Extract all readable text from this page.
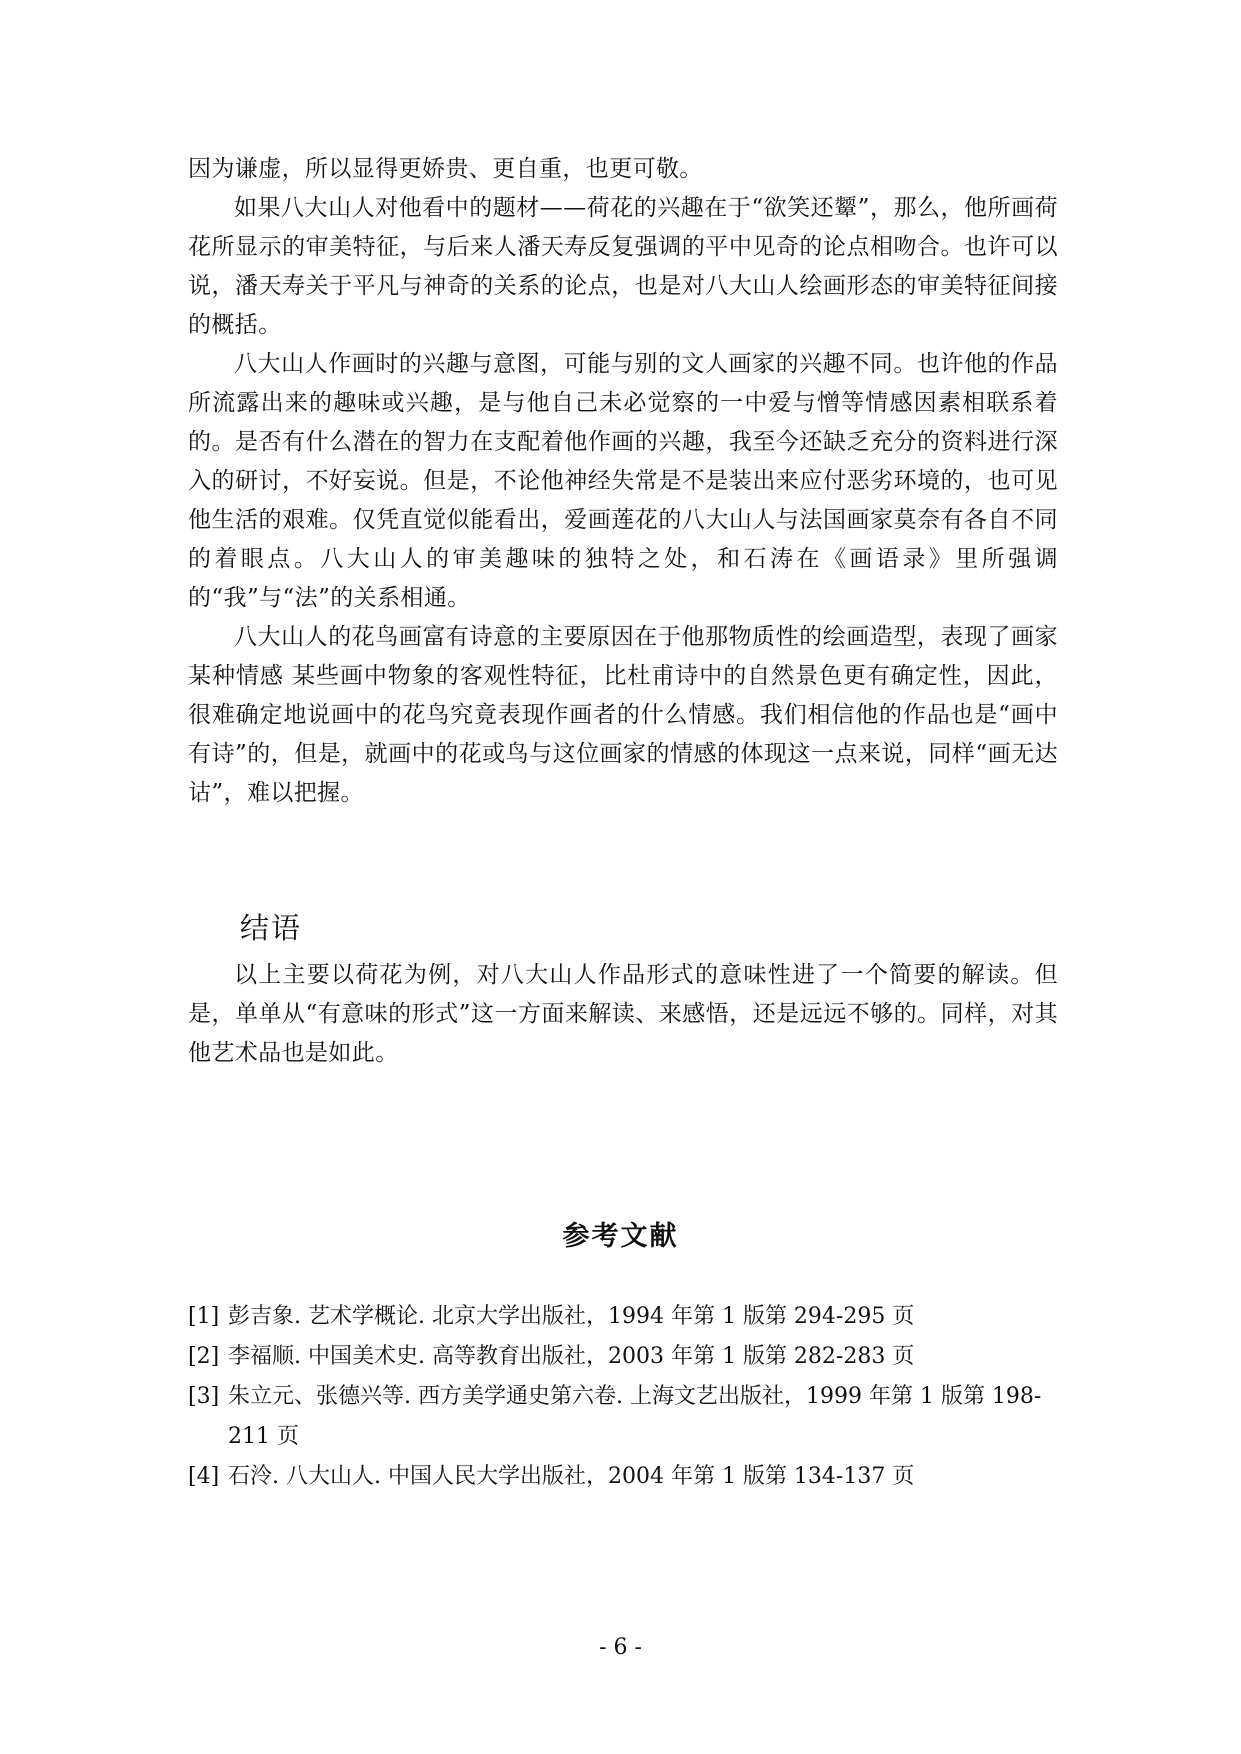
因为谦虚，所以显得更娇贵、更自重，也更可敬。

如果八大山人对他看中的题材——荷花的兴趣在于“欲笑还颦”，那么，他所画荷花所显示的审美特征，与后来人潘天寿反复强调的平中见奇的论点相吻合。也许可以说，潘天寿关于平凡与神奇的关系的论点，也是对八大山人绘画形态的审美特征间接的概括。

八大山人作画时的兴趣与意图，可能与别的文人画家的兴趣不同。也许他的作品所流露出来的趣味或兴趣，是与他自己未必觉察的一中爱与憎等情感因素相联系着的。是否有什么潜在的智力在支配着他作画的兴趣，我至今还缺乏充分的资料进行深入的研讨，不好妄说。但是，不论他神经失常是不是装出来应付恶劣环境的，也可见他生活的艰难。仅凭直觉似能看出，爱画莲花的八大山人与法国画家莫奈有各自不同的着眼点。八大山人的审美趣味的独特之处，和石涛在《画语录》里所强调的“我”与“法”的关系相通。

八大山人的花鸟画富有诗意的主要原因在于他那物质性的绘画造型，表现了画家某种情感 某些画中物象的客观性特征，比杜甫诗中的自然景色更有确定性，因此，很难确定地说画中的花鸟究竟表现作画者的什么情感。我们相信他的作品也是“画中有诗”的，但是，就画中的花或鸟与这位画家的情感的体现这一点来说，同样“画无达诂”，难以把握。

结语

以上主要以荷花为例，对八大山人作品形式的意味性进了一个简要的解读。但是，单单从“有意味的形式”这一方面来解读、来感悟，还是远远不够的。同样，对其他艺术品也是如此。

参考文献
[1] 彭吉象. 艺术学概论. 北京大学出版社，1994 年第 1 版第 294-295 页
[2] 李福顺. 中国美术史. 高等教育出版社，2003 年第 1 版第 282-283 页
[3] 朱立元、张德兴等. 西方美学通史第六卷. 上海文艺出版社，1999 年第 1 版第 198-211 页
[4] 石泠. 八大山人. 中国人民大学出版社，2004 年第 1 版第 134-137 页
- 6 -
